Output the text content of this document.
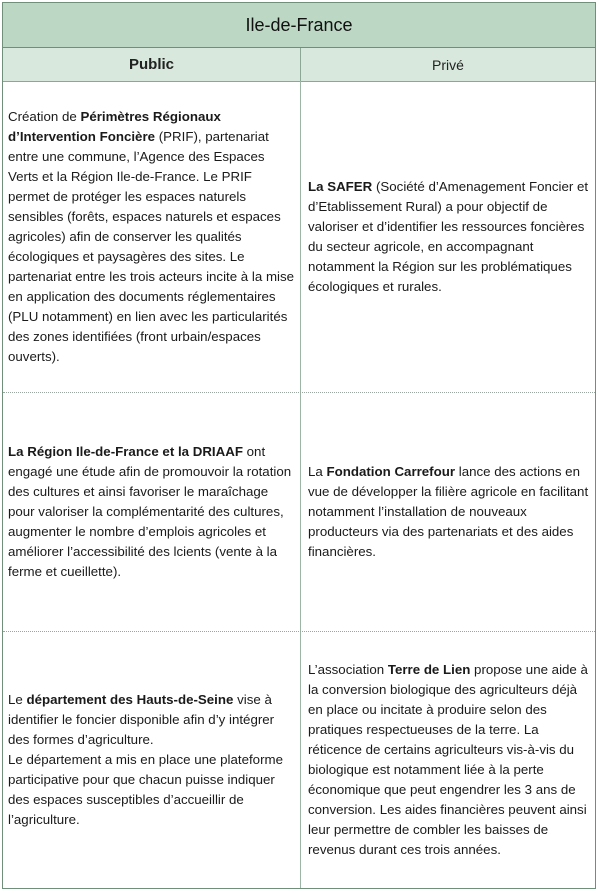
Ile-de-France
Public	Privé

Création de Périmètres Régionaux d’Intervention Foncière (PRIF), partenariat entre une commune, l’Agence des Espaces Verts et la Région Ile-de-France. Le PRIF permet de protéger les espaces naturels sensibles (forêts, espaces naturels et espaces agricoles) afin de conserver les qualités écologiques et paysagères des sites. Le partenariat entre les trois acteurs incite à la mise en application des documents réglementaires (PLU notamment) en lien avec les particularités des zones identifiées (front urbain/espaces ouverts).

La SAFER (Société d’Amenagement Foncier et d’Etablissement Rural) a pour objectif de valoriser et d’identifier les ressources foncières du secteur agricole, en accompagnant notamment la Région sur les problématiques écologiques et rurales.

La Région Ile-de-France et la DRIAAF ont engagé une étude afin de promouvoir la rotation des cultures et ainsi favoriser le maraîchage pour valoriser la complémentarité des cultures, augmenter le nombre d’emplois agricoles et améliorer l’accessibilité des lcients (vente à la ferme et cueillette).

La Fondation Carrefour lance des actions en vue de développer la filière agricole en facilitant notamment l’installation de nouveaux producteurs via des partenariats et des aides financières.

Le département des Hauts-de-Seine vise à identifier le foncier disponible afin d’y intégrer des formes d’agriculture.

Le département a mis en place une plateforme participative pour que chacun puisse indiquer des espaces susceptibles d’accueillir de l’agriculture.

L’association Terre de Lien propose une aide à la conversion biologique des agriculteurs déjà en place ou incitate à produire selon des pratiques respectueuses de la terre. La réticence de certains agriculteurs vis-à-vis du biologique est notamment liée à la perte économique que peut engendrer les 3 ans de conversion. Les aides financières peuvent ainsi leur permettre de combler les baisses de revenus durant ces trois années.
